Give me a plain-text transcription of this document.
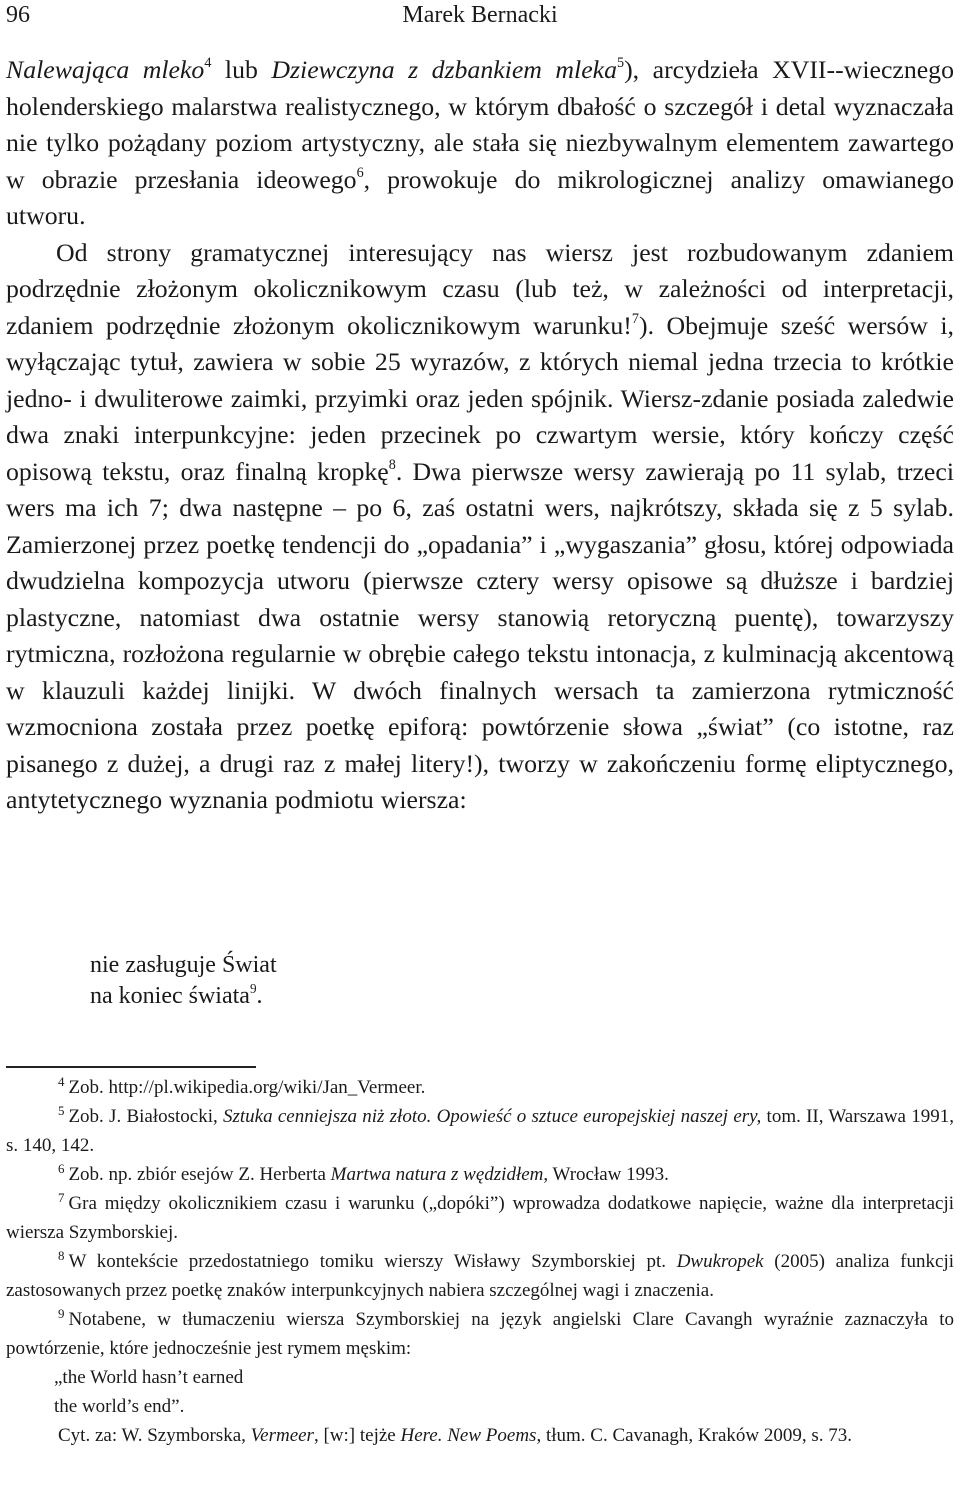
96	Marek Bernacki

Nalewająca mleko$^4$ lub Dziewczyna z dzbankiem mleka$^5$), arcydzieła XVII--wiecznego holenderskiego malarstwa realistycznego, w którym dbałość o szczegół i detal wyznaczała nie tylko pożądany poziom artystyczny, ale stała się niezbywalnym elementem zawartego w obrazie przesłania ideowego$^6$, prowokuje do mikrologicznej analizy omawianego utworu.

Od strony gramatycznej interesujący nas wiersz jest rozbudowanym zdaniem podrzędnie złożonym okolicznikowym czasu (lub też, w zależności od interpretacji, zdaniem podrzędnie złożonym okolicznikowym warunku!$^7$). Obejmuje sześć wersów i, wyłączając tytuł, zawiera w sobie 25 wyrazów, z których niemal jedna trzecia to krótkie jedno- i dwuliterowe zaimki, przyimki oraz jeden spójnik. Wiersz-zdanie posiada zaledwie dwa znaki interpunkcyjne: jeden przecinek po czwartym wersie, który kończy część opisową tekstu, oraz finalną kropkę$^8$. Dwa pierwsze wersy zawierają po 11 sylab, trzeci wers ma ich 7; dwa następne – po 6, zaś ostatni wers, najkrótszy, składa się z 5 sylab. Zamierzonej przez poetkę tendencji do „opadania” i „wygaszania” głosu, której odpowiada dwudzielna kompozycja utworu (pierwsze cztery wersy opisowe są dłuższe i bardziej plastyczne, natomiast dwa ostatnie wersy stanowią retoryczną puentę), towarzyszy rytmiczna, rozłożona regularnie w obrębie całego tekstu intonacja, z kulminacją akcentową w klauzuli każdej linijki. W dwóch finalnych wersach ta zamierzona rytmiczność wzmocniona została przez poetkę epiforą: powtórzenie słowa „świat” (co istotne, raz pisanego z dużej, a drugi raz z małej litery!), tworzy w zakończeniu formę eliptycznego, antytetycznego wyznania podmiotu wiersza:

nie zasługuje Świat
na koniec świata$^9$.

$^4$ Zob. http://pl.wikipedia.org/wiki/Jan_Vermeer.

$^5$ Zob. J. Białostocki, Sztuka cenniejsza niż złoto. Opowieść o sztuce europejskiej naszej ery, tom. II, Warszawa 1991, s. 140, 142.

$^6$ Zob. np. zbiór esejów Z. Herberta Martwa natura z wędzidłem, Wrocław 1993.

$^7$ Gra między okolicznikiem czasu i warunku („dopóki”) wprowadza dodatkowe napięcie, ważne dla interpretacji wiersza Szymborskiej.

$^8$ W kontekście przedostatniego tomiku wierszy Wisławy Szymborskiej pt. Dwukropek (2005) analiza funkcji zastosowanych przez poetkę znaków interpunkcyjnych nabiera szczególnej wagi i znaczenia.

$^9$ Notabene, w tłumaczeniu wiersza Szymborskiej na język angielski Clare Cavangh wyraźnie zaznaczyła to powtórzenie, które jednocześnie jest rymem męskim:

„the World hasn’t earned

the world’s end”.

Cyt. za: W. Szymborska, Vermeer, [w:] tejże Here. New Poems, tłum. C. Cavanagh, Kraków 2009, s. 73.
